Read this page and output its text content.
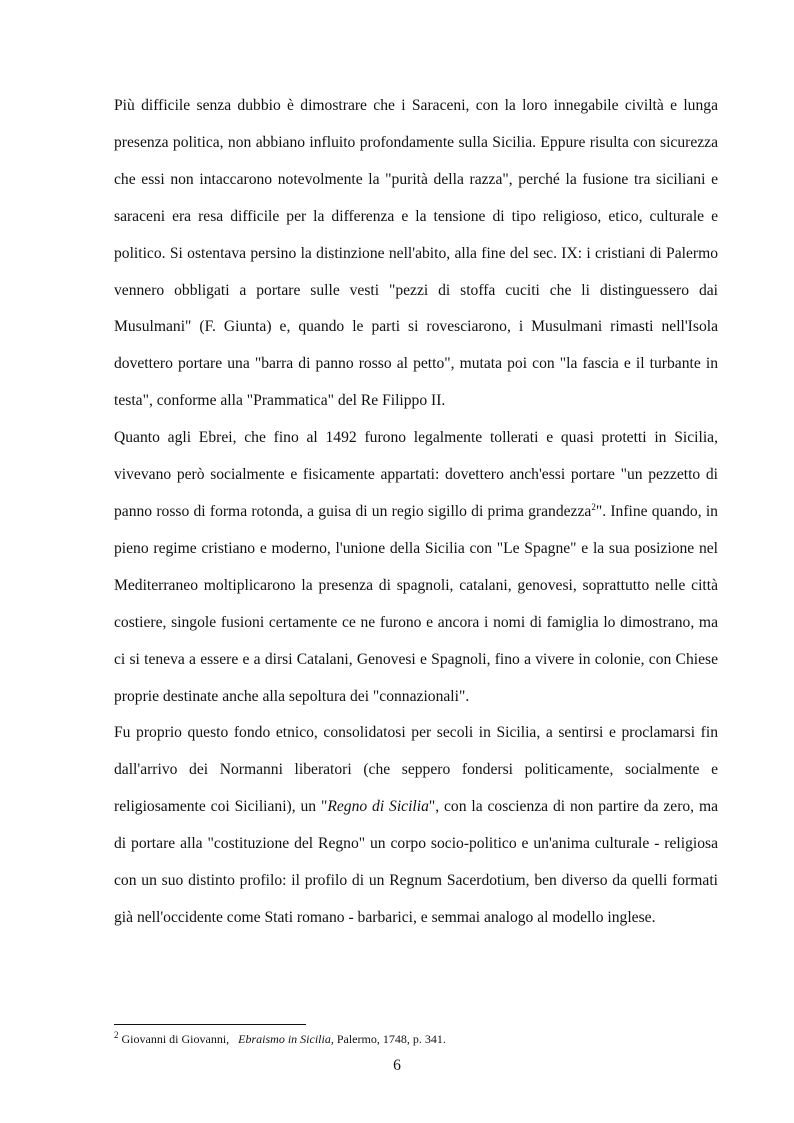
Più difficile senza dubbio è dimostrare che i Saraceni, con la loro innegabile civiltà e lunga presenza politica, non abbiano influito profondamente sulla Sicilia. Eppure risulta con sicurezza che essi non intaccarono notevolmente la "purità della razza", perché la fusione tra siciliani e saraceni era resa difficile per la differenza e la tensione di tipo religioso, etico, culturale e politico. Si ostentava persino la distinzione nell'abito, alla fine del sec. IX: i cristiani di Palermo vennero obbligati a portare sulle vesti "pezzi di stoffa cuciti che li distinguessero dai Musulmani" (F. Giunta) e, quando le parti si rovesciarono, i Musulmani rimasti nell'Isola dovettero portare una "barra di panno rosso al petto", mutata poi con "la fascia e il turbante in testa", conforme alla "Prammatica" del Re Filippo II.

Quanto agli Ebrei, che fino al 1492 furono legalmente tollerati e quasi protetti in Sicilia, vivevano però socialmente e fisicamente appartati: dovettero anch'essi portare "un pezzetto di panno rosso di forma rotonda, a guisa di un regio sigillo di prima grandezza$^2$". Infine quando, in pieno regime cristiano e moderno, l'unione della Sicilia con "Le Spagne" e la sua posizione nel Mediterraneo moltiplicarono la presenza di spagnoli, catalani, genovesi, soprattutto nelle città costiere, singole fusioni certamente ce ne furono e ancora i nomi di famiglia lo dimostrano, ma ci si teneva a essere e a dirsi Catalani, Genovesi e Spagnoli, fino a vivere in colonie, con Chiese proprie destinate anche alla sepoltura dei "connazionali".

Fu proprio questo fondo etnico, consolidatosi per secoli in Sicilia, a sentirsi e proclamarsi fin dall'arrivo dei Normanni liberatori (che seppero fondersi politicamente, socialmente e religiosamente coi Siciliani), un "Regno di Sicilia", con la coscienza di non partire da zero, ma di portare alla "costituzione del Regno" un corpo socio-politico e un'anima culturale - religiosa con un suo distinto profilo: il profilo di un Regnum Sacerdotium, ben diverso da quelli formati già nell'occidente come Stati romano - barbarici, e semmai analogo al modello inglese.

$^2$ Giovanni di Giovanni,   Ebraismo in Sicilia, Palermo, 1748, p. 341.
6
